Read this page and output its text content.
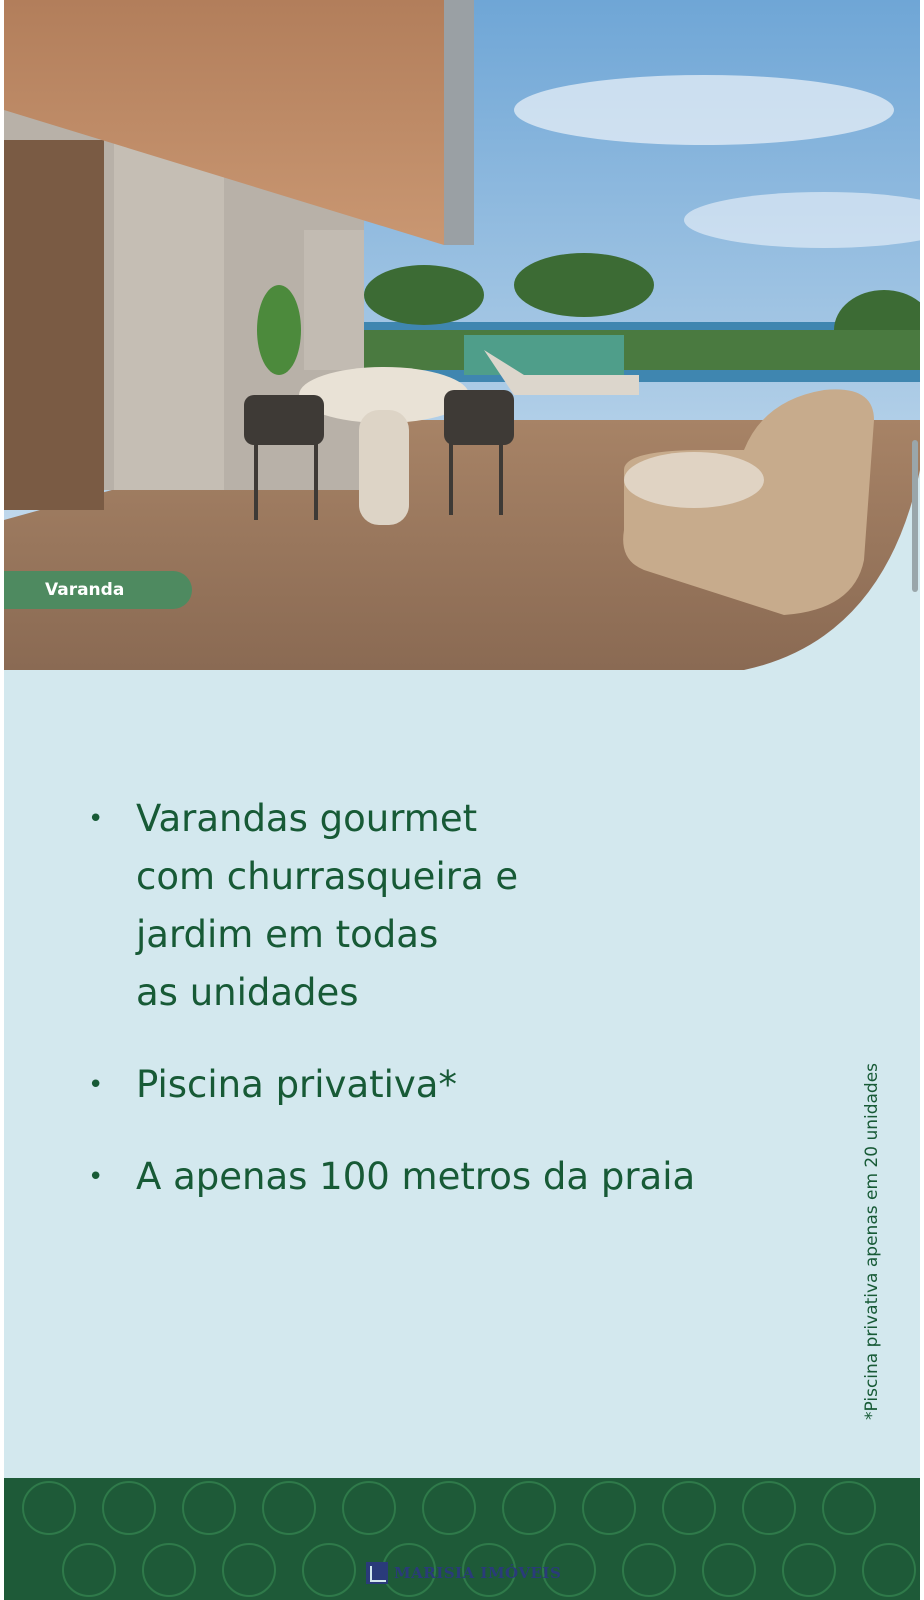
Varanda
• Varandas gourmet
com churrasqueira e
jardim em todas
as unidades
• Piscina privativa*
• A apenas 100 metros da praia	*Piscina privativa apenas em 20 unidades
MARISIA IMÓVEIS
